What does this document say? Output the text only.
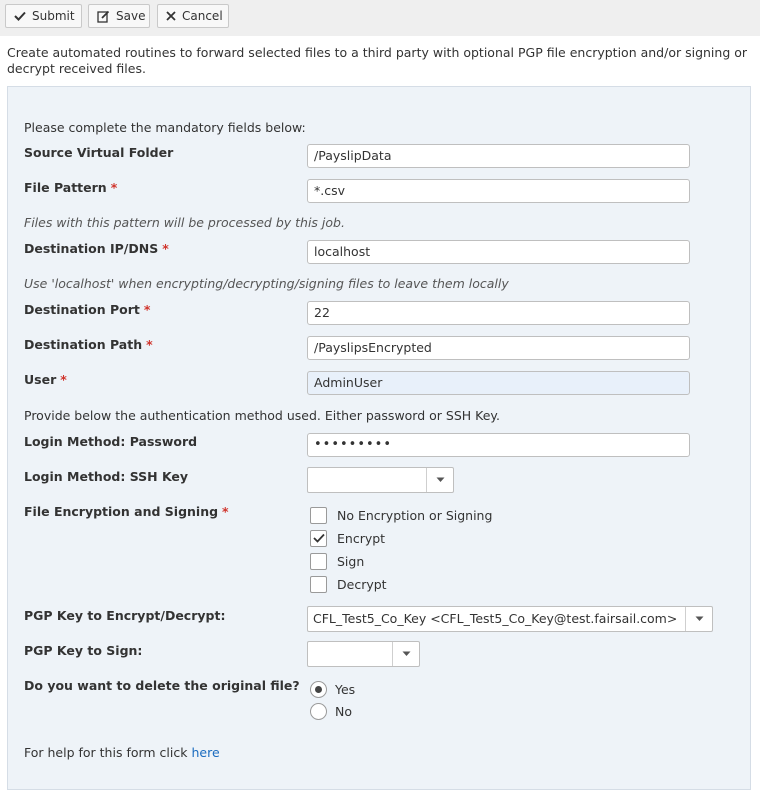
Submit	Save	Cancel
Create automated routines to forward selected files to a third party with optional PGP file encryption and/or signing or decrypt received files.
Please complete the mandatory fields below:
Source Virtual Folder	/PayslipData
File Pattern *	*.csv
Files with this pattern will be processed by this job.
Destination IP/DNS *	localhost
Use 'localhost' when encrypting/decrypting/signing files to leave them locally
Destination Port *	22
Destination Path *	/PayslipsEncrypted
User *	AdminUser
Provide below the authentication method used. Either password or SSH Key.
Login Method: Password	•••••••••
Login Method: SSH Key
File Encryption and Signing *	No Encryption or Signing
Encrypt
Sign
Decrypt
PGP Key to Encrypt/Decrypt:	CFL_Test5_Co_Key <CFL_Test5_Co_Key@test.fairsail.com>
PGP Key to Sign:
Do you want to delete the original file?	Yes
No
For help for this form click here
